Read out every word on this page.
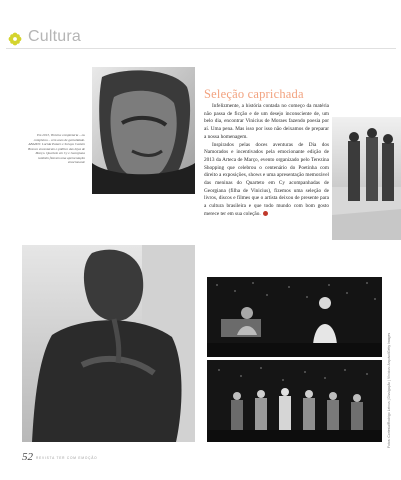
Cultura
Em 2013, Vinicius completaria – ou completou – cem anos de genialidade. ABAIXO: Lucida Pataro e Soraya Castelo Branco encantaram o público das lojas de Março. Quarteto em Cy e Georgiana também fizeram uma apresentação emocionante
Seleção caprichada

Infelizmente, a história contada no começo da matéria não passa de ficção e de um desejo inconsciente de, um belo dia, encontrar Vinicius de Moraes fazendo poesia por aí. Uma pena. Mas isso por isso não deixamos de preparar a nossa homenagem.

Inspirados pelas doces aventuras de Dia dos Namorados e incentivados pela emocionante edição de 2013 da Arteca de Março, evento organizado pelo Terezina Shopping que celebrou o centenário do Poetinha com direito a exposições, shows e uma apresentação memorável das meninas do Quarteto em Cy acompanhadas de Georgiana (filha de Vinicius), fizemos uma seleção de livros, discos e filmes que o artista deixou de presente para a cultura brasileira e que todo mundo com bom gosto merece ter em sua coleção.

Fotos: Cortesia/Rodrigo Leinus | Divulgação | Vinícius: Arquivo/Getty Images
52 REVISTA TER COM EMOÇÃO
